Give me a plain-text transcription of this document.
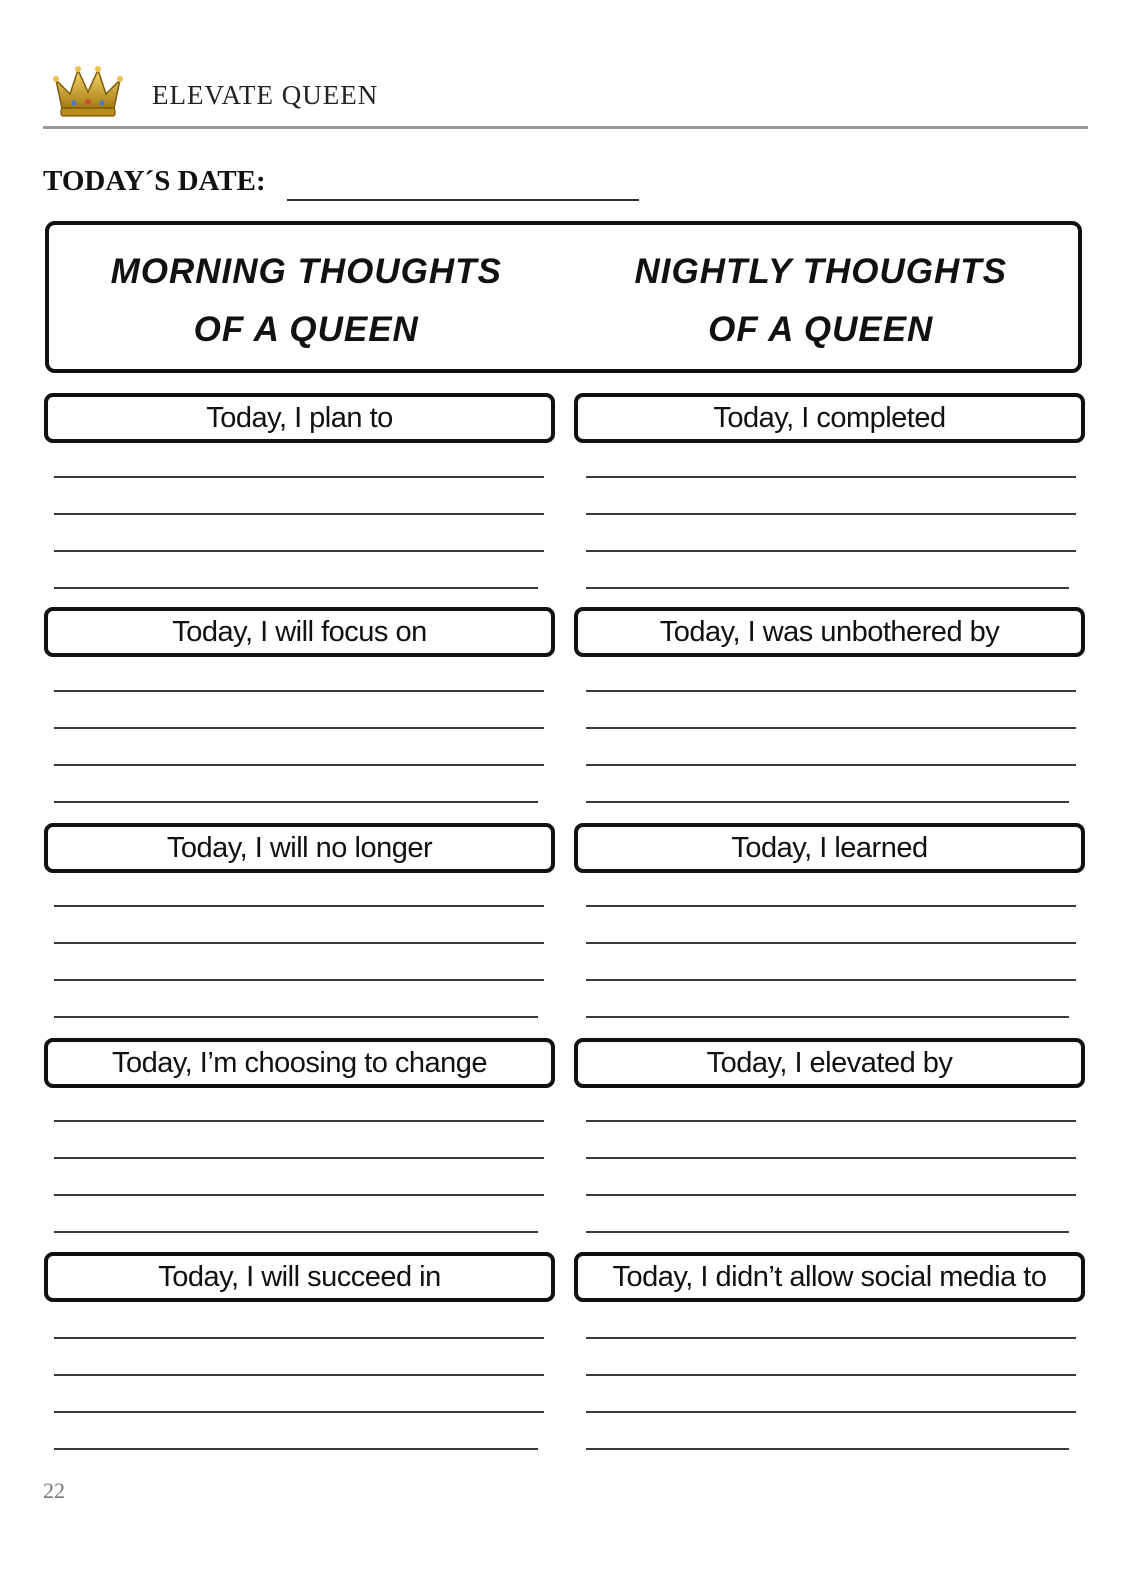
ELEVATE QUEEN
TODAY´S DATE:
MORNING THOUGHTS
OF A QUEEN
NIGHTLY THOUGHTS
OF A QUEEN
Today, I plan to	Today, I completed
Today, I will focus on	Today, I was unbothered by
Today, I will no longer	Today, I learned
Today, I’m choosing to change	Today, I elevated by
Today, I will succeed in	Today, I didn’t allow social media to
22
